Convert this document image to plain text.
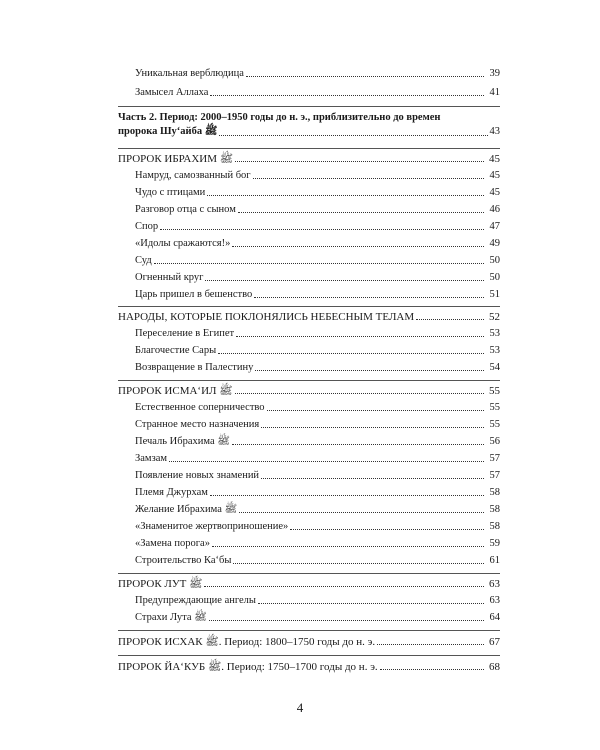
Уникальная верблюдица	39
Замысел Аллаха	41
Часть 2. Период: 2000–1950 годы до н. э., приблизительно до времен
пророка Шу‘айба ﷺ	43
ПРОРОК ИБРАХИМ ﷺ	45
Намруд, самозванный бог	45
Чудо с птицами	45
Разговор отца с сыном	46
Спор	47
«Идолы сражаются!»	49
Суд	50
Огненный круг	50
Царь пришел в бешенство	51
НАРОДЫ, КОТОРЫЕ ПОКЛОНЯЛИСЬ НЕБЕСНЫМ ТЕЛАМ	52
Переселение в Египет	53
Благочестие Сары	53
Возвращение в Палестину	54
ПРОРОК ИСМА‘ИЛ ﷺ	55
Естественное соперничество	55
Странное место назначения	55
Печаль Ибрахима ﷺ	56
Замзам	57
Появление новых знамений	57
Племя Джурхам	58
Желание Ибрахима ﷺ	58
«Знаменитое жертвоприношение»	58
«Замена порога»	59
Строительство Ка‘бы	61
ПРОРОК ЛУТ ﷺ	63
Предупреждающие ангелы	63
Страхи Лута ﷺ	64
ПРОРОК ИСХАК ﷺ. Период: 1800–1750 годы до н. э.	67
ПРОРОК ЙА‘КУБ ﷺ. Период: 1750–1700 годы до н. э.	68
4
